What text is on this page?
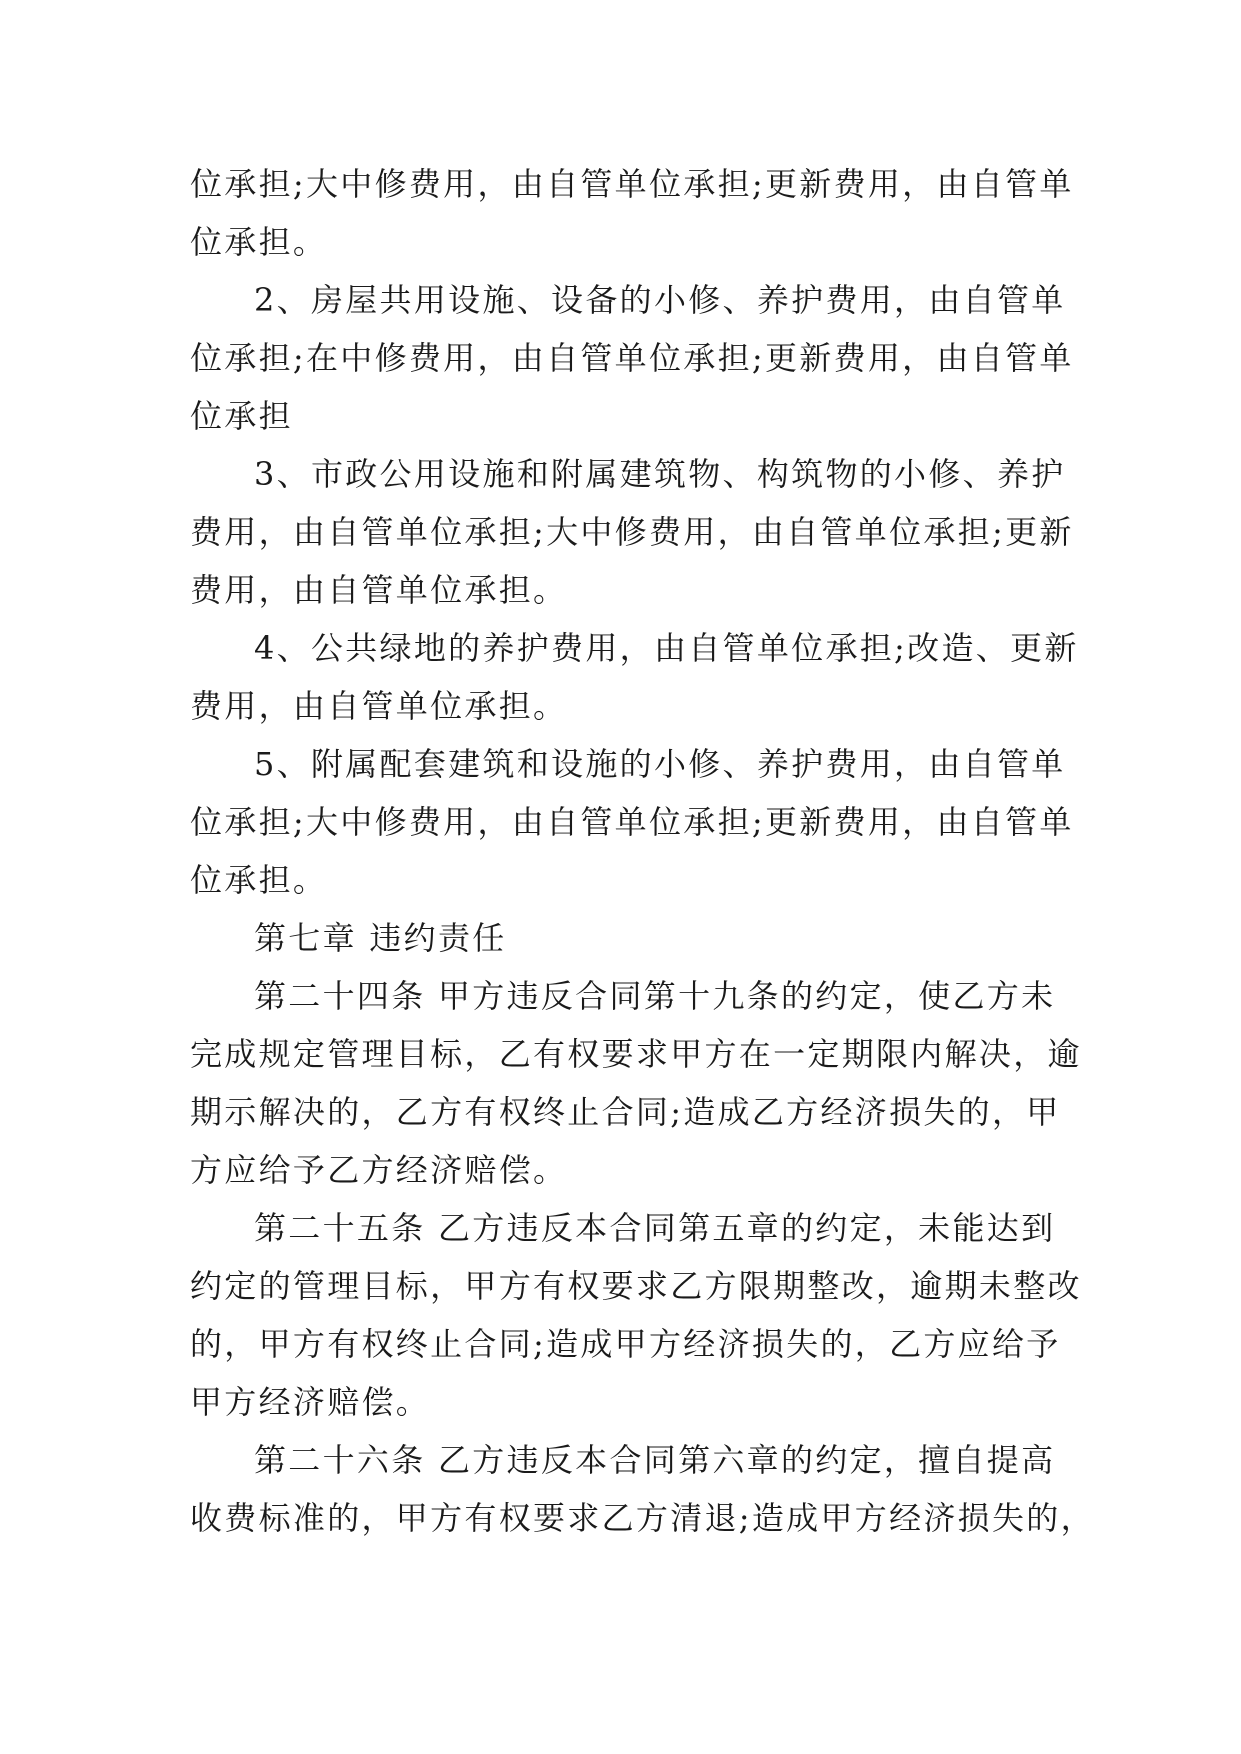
位承担;大中修费用，由自管单位承担;更新费用，由自管单
位承担。
2、房屋共用设施、设备的小修、养护费用，由自管单
位承担;在中修费用，由自管单位承担;更新费用，由自管单
位承担
3、市政公用设施和附属建筑物、构筑物的小修、养护
费用，由自管单位承担;大中修费用，由自管单位承担;更新
费用，由自管单位承担。
4、公共绿地的养护费用，由自管单位承担;改造、更新
费用，由自管单位承担。
5、附属配套建筑和设施的小修、养护费用，由自管单
位承担;大中修费用，由自管单位承担;更新费用，由自管单
位承担。
第七章 违约责任
第二十四条 甲方违反合同第十九条的约定，使乙方未
完成规定管理目标，乙有权要求甲方在一定期限内解决，逾
期示解决的，乙方有权终止合同;造成乙方经济损失的，甲
方应给予乙方经济赔偿。
第二十五条 乙方违反本合同第五章的约定，未能达到
约定的管理目标，甲方有权要求乙方限期整改，逾期未整改
的，甲方有权终止合同;造成甲方经济损失的，乙方应给予
甲方经济赔偿。
第二十六条 乙方违反本合同第六章的约定，擅自提高
收费标准的，甲方有权要求乙方清退;造成甲方经济损失的，
